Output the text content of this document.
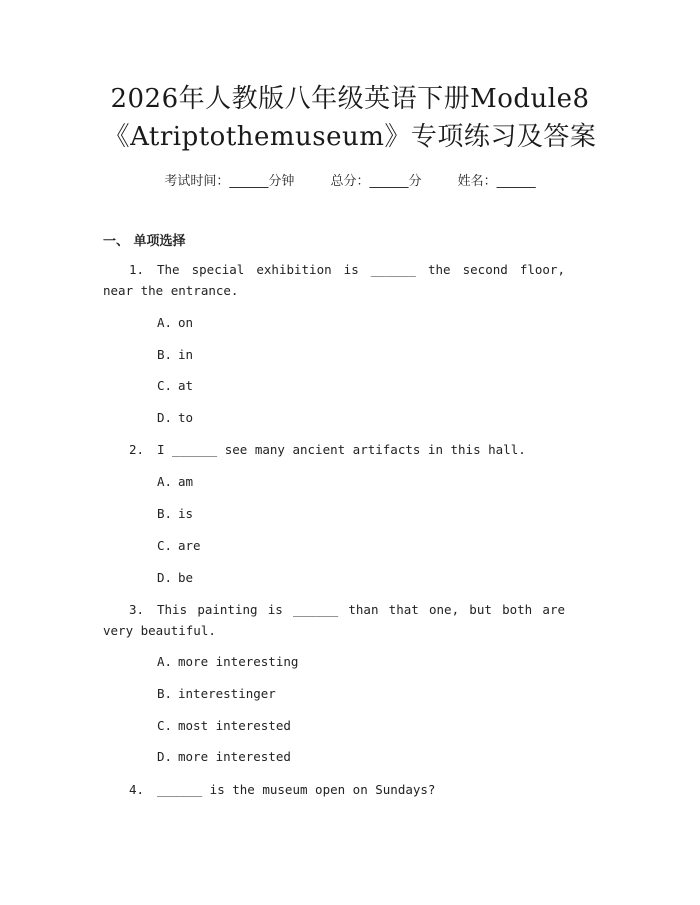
2026年人教版八年级英语下册Module8
《Atriptothemuseum》专项练习及答案
考试时间：______分钟	总分：______分	姓名：______
一、 单项选择
1. The special exhibition is ______ the second floor, near the entrance.
A. on
B. in
C. at
D. to
2. I ______ see many ancient artifacts in this hall.
A. am
B. is
C. are
D. be
3. This painting is ______ than that one, but both are very beautiful.
A. more interesting
B. interestinger
C. most interested
D. more interested
4. ______ is the museum open on Sundays?
